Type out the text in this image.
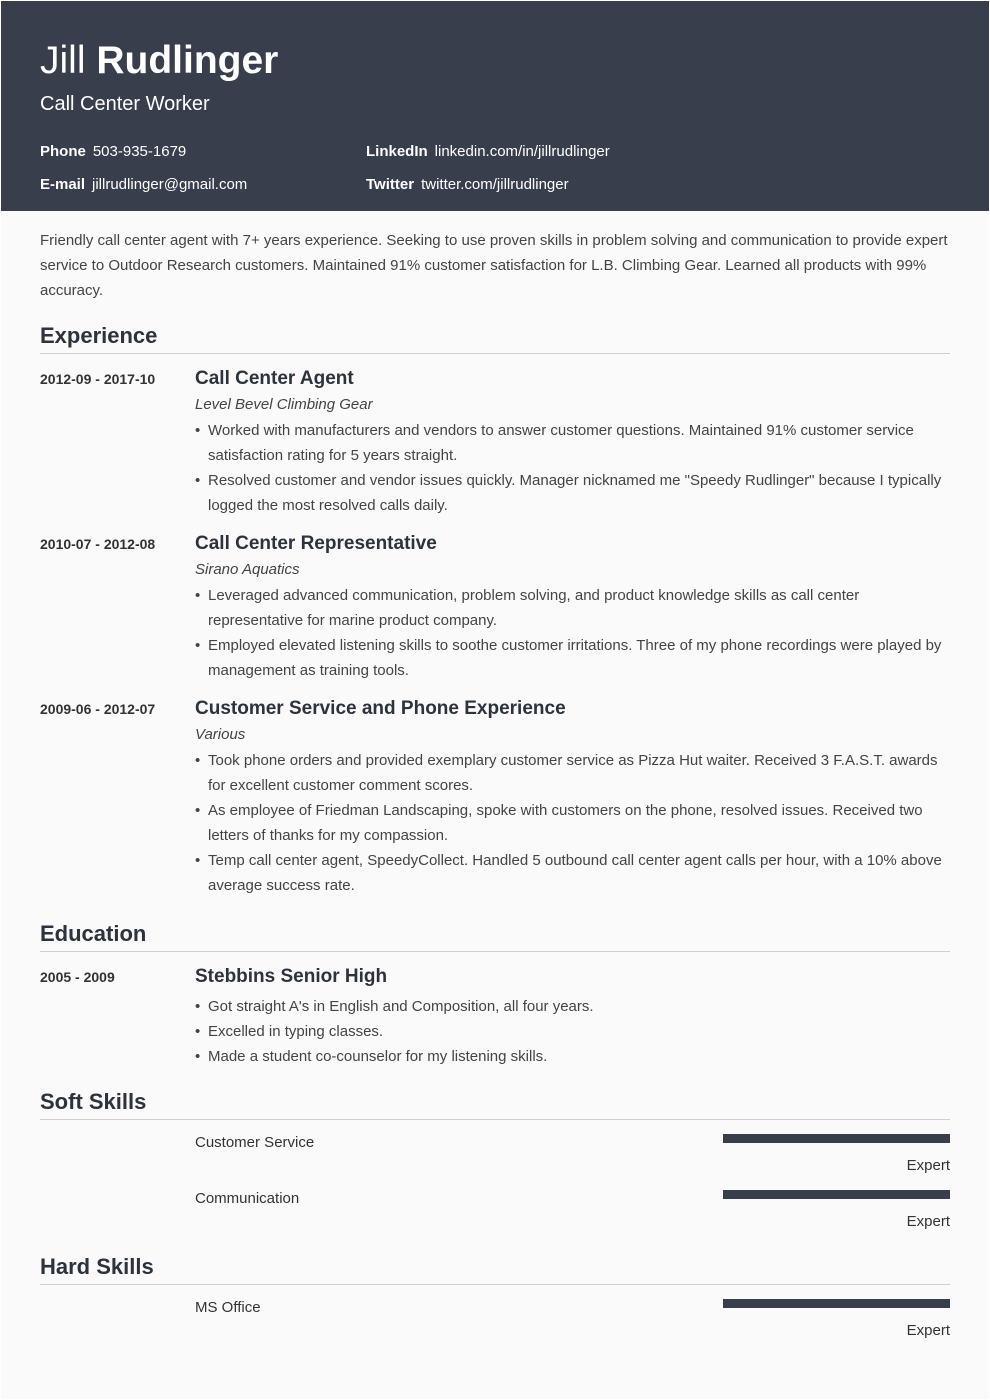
Jill Rudlinger
Call Center Worker
Phone 503-935-1679
E-mail jillrudlinger@gmail.com
LinkedIn linkedin.com/in/jillrudlinger
Twitter twitter.com/jillrudlinger
Friendly call center agent with 7+ years experience. Seeking to use proven skills in problem solving and communication to provide expert service to Outdoor Research customers. Maintained 91% customer satisfaction for L.B. Climbing Gear. Learned all products with 99% accuracy.
Experience
2012-09 - 2017-10 Call Center Agent
Level Bevel Climbing Gear
• Worked with manufacturers and vendors to answer customer questions. Maintained 91% customer service satisfaction rating for 5 years straight.
• Resolved customer and vendor issues quickly. Manager nicknamed me "Speedy Rudlinger" because I typically logged the most resolved calls daily.
2010-07 - 2012-08 Call Center Representative
Sirano Aquatics
• Leveraged advanced communication, problem solving, and product knowledge skills as call center representative for marine product company.
• Employed elevated listening skills to soothe customer irritations. Three of my phone recordings were played by management as training tools.
2009-06 - 2012-07 Customer Service and Phone Experience
Various
• Took phone orders and provided exemplary customer service as Pizza Hut waiter. Received 3 F.A.S.T. awards for excellent customer comment scores.
• As employee of Friedman Landscaping, spoke with customers on the phone, resolved issues. Received two letters of thanks for my compassion.
• Temp call center agent, SpeedyCollect. Handled 5 outbound call center agent calls per hour, with a 10% above average success rate.
Education
2005 - 2009	Stebbins Senior High
• Got straight A's in English and Composition, all four years.
• Excelled in typing classes.
• Made a student co-counselor for my listening skills.
Soft Skills
Customer Service
Expert
Communication
Expert
Hard Skills
MS Office
Expert
